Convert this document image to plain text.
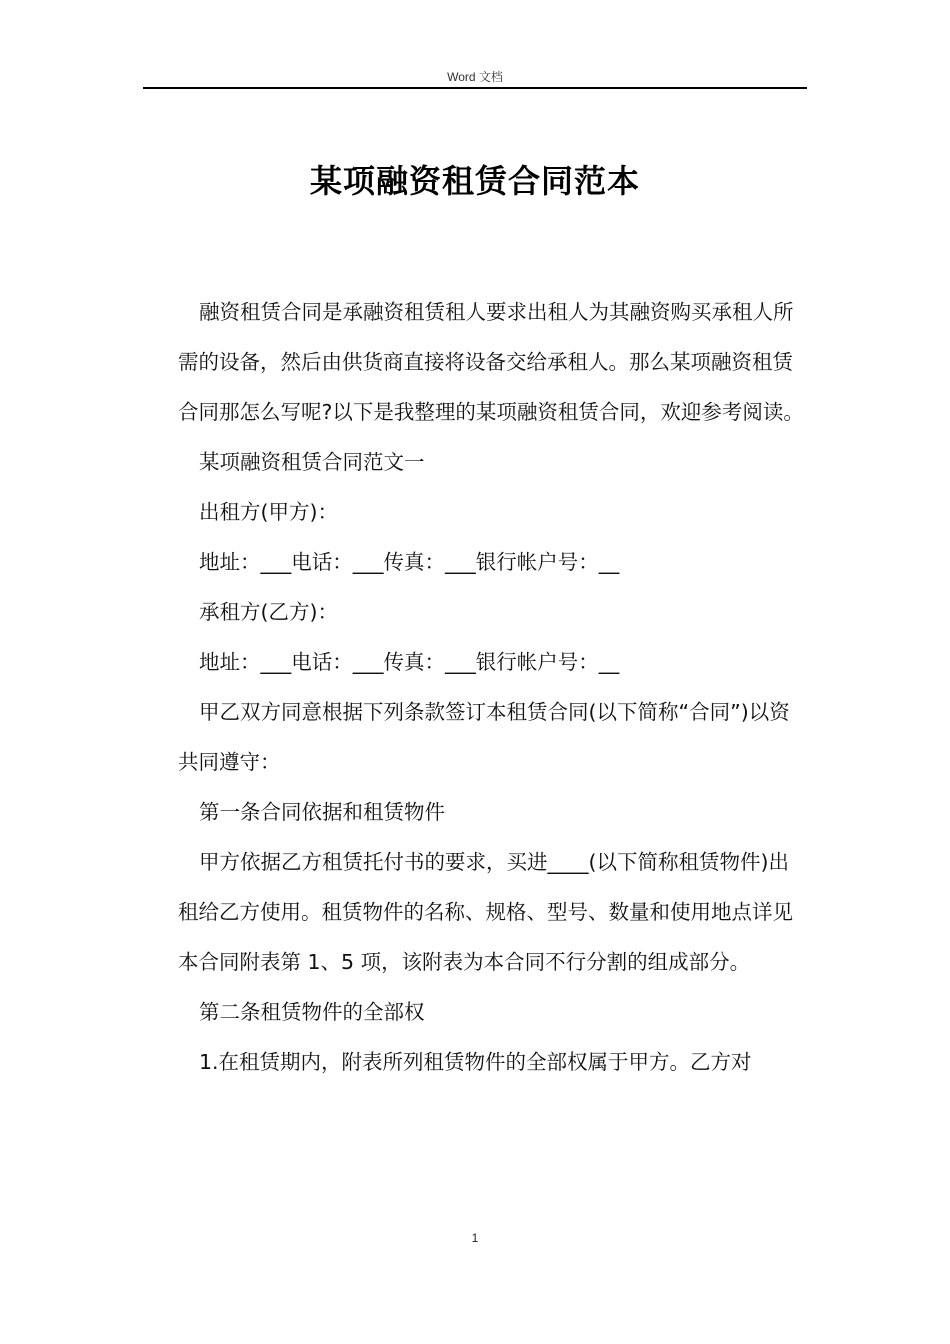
Word 文档
某项融资租赁合同范本

融资租赁合同是承融资租赁租人要求出租人为其融资购买承租人所需的设备，然后由供货商直接将设备交给承租人。那么某项融资租赁合同那怎么写呢?以下是我整理的某项融资租赁合同，欢迎参考阅读。

某项融资租赁合同范文一

出租方(甲方)：

地址：___电话：___传真：___银行帐户号：__

承租方(乙方)：

地址：___电话：___传真：___银行帐户号：__

甲乙双方同意根据下列条款签订本租赁合同(以下简称“合同”)以资共同遵守：

第一条合同依据和租赁物件

甲方依据乙方租赁托付书的要求，买进____(以下简称租赁物件)出租给乙方使用。租赁物件的名称、规格、型号、数量和使用地点详见本合同附表第 1、5 项，该附表为本合同不行分割的组成部分。

第二条租赁物件的全部权

1.在租赁期内，附表所列租赁物件的全部权属于甲方。乙方对

1
